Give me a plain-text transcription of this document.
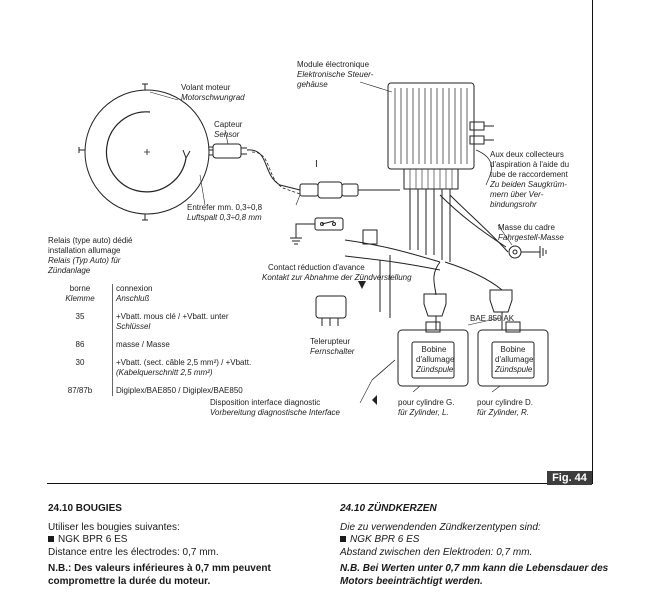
Volant moteur
Motorschwungrad
Capteur
Sensor
Module électronique
Elektronische Steuer-
gehäuse
Entrefer mm. 0,3÷0,8
Luftspalt 0,3÷0,8 mm
I
Aux deux collecteurs
d'aspiration à l'aide du
tube de raccordement
Zu beiden Saugkrüm-
mern über Ver-
bindungsrohr
Masse du cadre
Fahrgestell-Masse
Relais (type auto) dédié
installation allumage
Relais (Typ Auto) für
Zündanlage	Contact réduction d'avance
Kontakt zur Abnahme der Zündverstellung
BAE 850 AK
Telerupteur
Fernschalter	Bobine
d'allumage
Zündspule
Bobine
d'allumage
Zündspule
Disposition interface diagnostic
Vorbereitung diagnostische Interface
pour cylindre G.
für Zylinder, L.
pour cylindre D.
für Zylinder, R.
borne
Klemme	connexion
Anschluß

35	+Vbatt. mous clé / +Vbatt. unter
Schlüssel

86	masse / Masse

30	+Vbatt. (sect. câble 2,5 mm²) / +Vbatt.
(Kabelquerschnitt 2,5 mm²)

87/87b	Digiplex/BAE850 / Digiplex/BAE850
Fig. 44
24.10 BOUGIES

Utiliser les bougies suivantes:

NGK BPR 6 ES

Distance entre les électrodes: 0,7 mm.

N.B.: Des valeurs inférieures à 0,7 mm peuvent compromettre la durée du moteur.

24.10 ZÜNDKERZEN

Die zu verwendenden Zündkerzentypen sind:

NGK BPR 6 ES

Abstand zwischen den Elektroden: 0,7 mm.

N.B. Bei Werten unter 0,7 mm kann die Lebensdauer des Motors beeinträchtigt werden.
